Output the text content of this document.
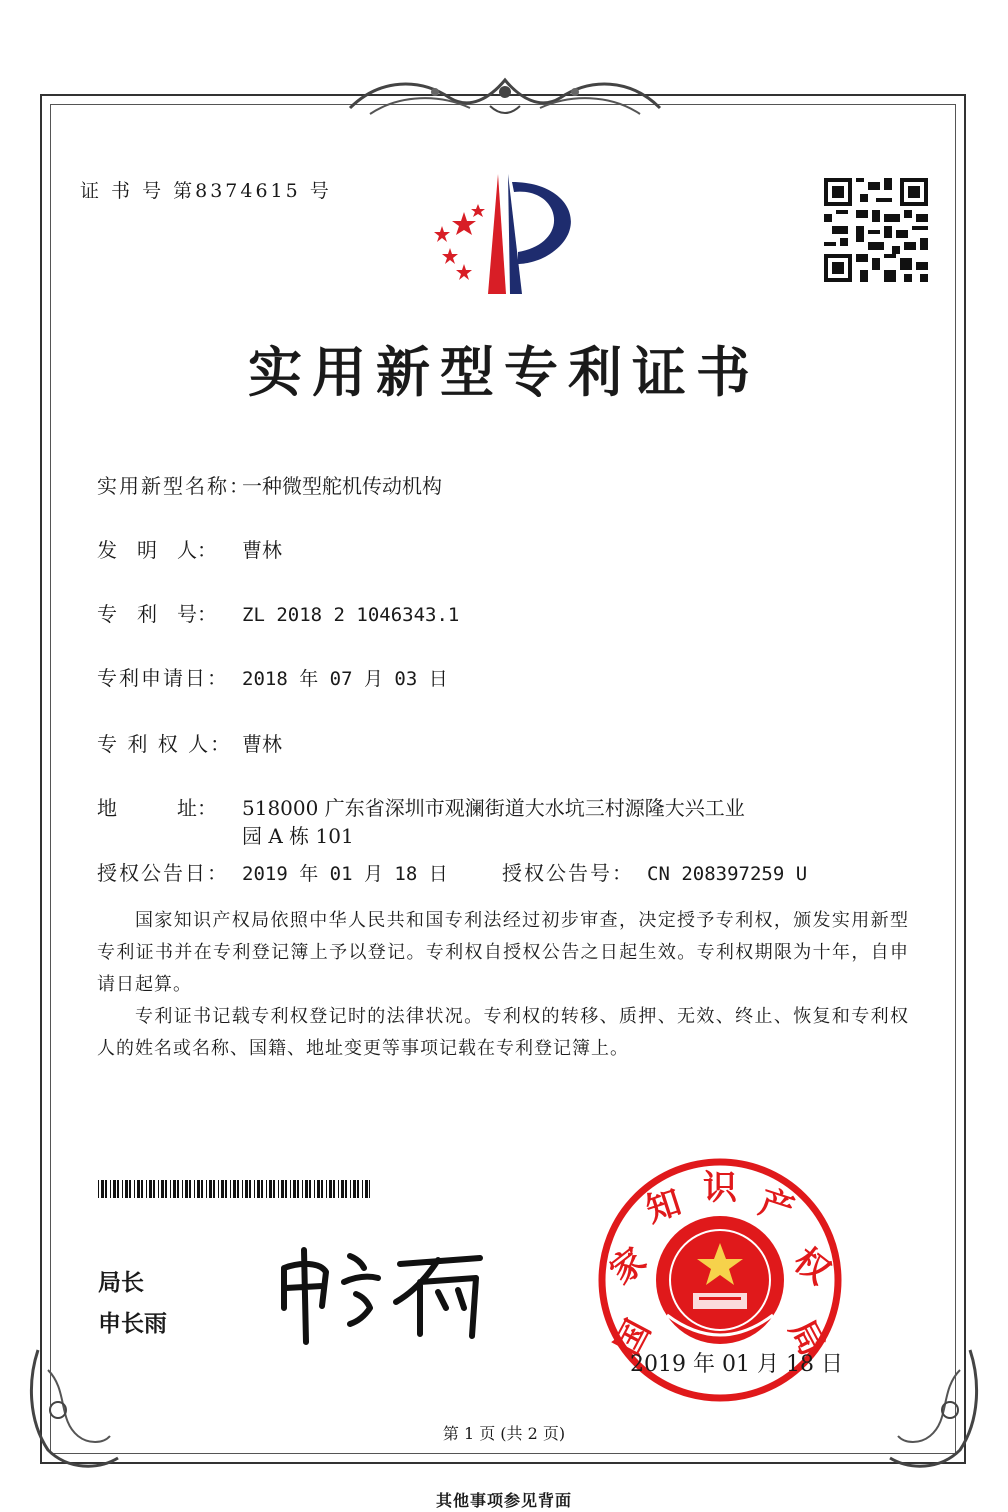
证 书 号 第8374615 号
实用新型专利证书
实用新型名称：一种微型舵机传动机构
发　明　人： 曹林
专　利　号： ZL 2018 2 1046343.1
专利申请日： 2018 年 07 月 03 日
专 利 权 人： 曹林
地　　　址： 518000 广东省深圳市观澜街道大水坑三村源隆大兴工业
园 A 栋 101
授权公告日： 2019 年 01 月 18 日	授权公告号： CN 208397259 U
国家知识产权局依照中华人民共和国专利法经过初步审查，决定授予专利权，颁发实用新型专利证书并在专利登记簿上予以登记。专利权自授权公告之日起生效。专利权期限为十年，自申请日起算。
专利证书记载专利权登记时的法律状况。专利权的转移、质押、无效、终止、恢复和专利权人的姓名或名称、国籍、地址变更等事项记载在专利登记簿上。
局长
申长雨	国
家
知 识 产
权
局
2019 年 01 月 18 日
第 1 页 (共 2 页)
其他事项参见背面
